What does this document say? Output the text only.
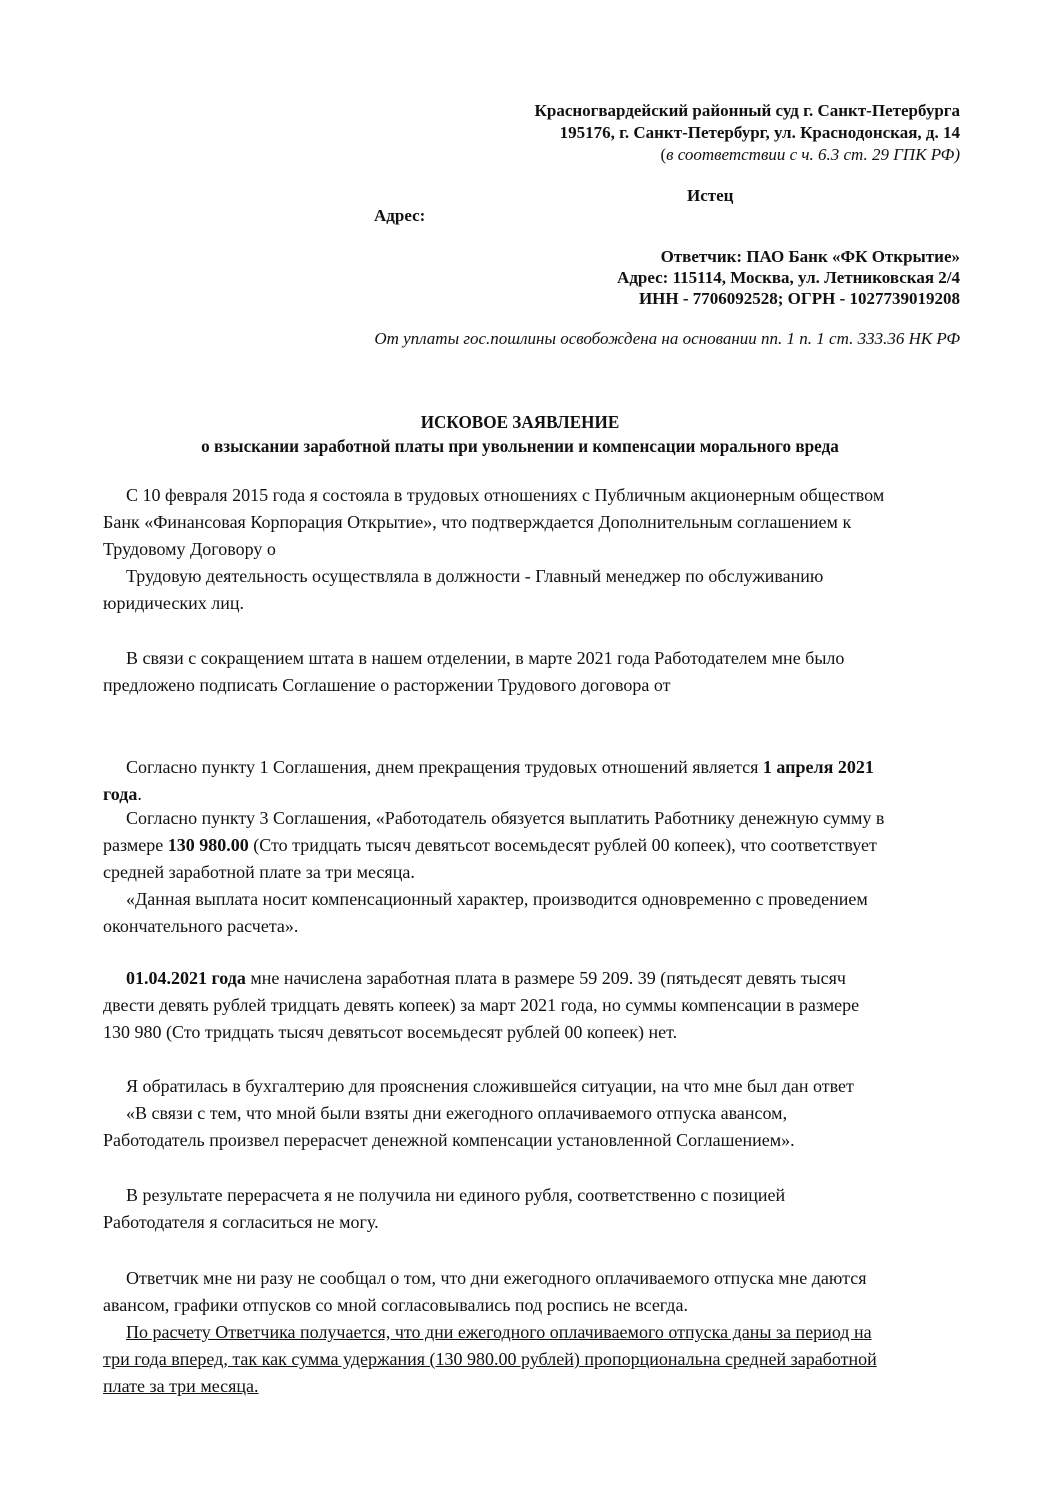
Красногвардейский районный суд г. Санкт-Петербурга
195176, г. Санкт-Петербург, ул. Краснодонская, д. 14
(в соответствии с ч. 6.3 ст. 29 ГПК РФ)
Истец
Адрес:
Ответчик: ПАО Банк «ФК Открытие»
Адрес: 115114, Москва, ул. Летниковская 2/4
ИНН - 7706092528; ОГРН - 1027739019208
От уплаты гос.пошлины освобождена на основании пп. 1 п. 1 ст. 333.36 НК РФ
ИСКОВОЕ ЗАЯВЛЕНИЕ
о взыскании заработной платы при увольнении и компенсации морального вреда
С 10 февраля 2015 года я состояла в трудовых отношениях с Публичным акционерным обществом
Банк «Финансовая Корпорация Открытие», что подтверждается Дополнительным соглашением к
Трудовому Договору о
Трудовую деятельность осуществляла в должности - Главный менеджер по обслуживанию
юридических лиц.
В связи с сокращением штата в нашем отделении, в марте 2021 года Работодателем мне было
предложено подписать Соглашение о расторжении Трудового договора от
Согласно пункту 1 Соглашения, днем прекращения трудовых отношений является 1 апреля 2021
года.
Согласно пункту 3 Соглашения, «Работодатель обязуется выплатить Работнику денежную сумму в
размере 130 980.00 (Сто тридцать тысяч девятьсот восемьдесят рублей 00 копеек), что соответствует
средней заработной плате за три месяца.
«Данная выплата носит компенсационный характер, производится одновременно с проведением
окончательного расчета».
01.04.2021 года мне начислена заработная плата в размере 59 209. 39 (пятьдесят девять тысяч
двести девять рублей тридцать девять копеек) за март 2021 года, но суммы компенсации в размере
130 980 (Сто тридцать тысяч девятьсот восемьдесят рублей 00 копеек) нет.
Я обратилась в бухгалтерию для прояснения сложившейся ситуации, на что мне был дан ответ
«В связи с тем, что мной были взяты дни ежегодного оплачиваемого отпуска авансом,
Работодатель произвел перерасчет денежной компенсации установленной Соглашением».
В результате перерасчета я не получила ни единого рубля, соответственно с позицией
Работодателя я согласиться не могу.
Ответчик мне ни разу не сообщал о том, что дни ежегодного оплачиваемого отпуска мне даются
авансом, графики отпусков со мной согласовывались под роспись не всегда.
По расчету Ответчика получается, что дни ежегодного оплачиваемого отпуска даны за период на
три года вперед, так как сумма удержания (130 980.00 рублей) пропорциональна средней заработной
плате за три месяца.
